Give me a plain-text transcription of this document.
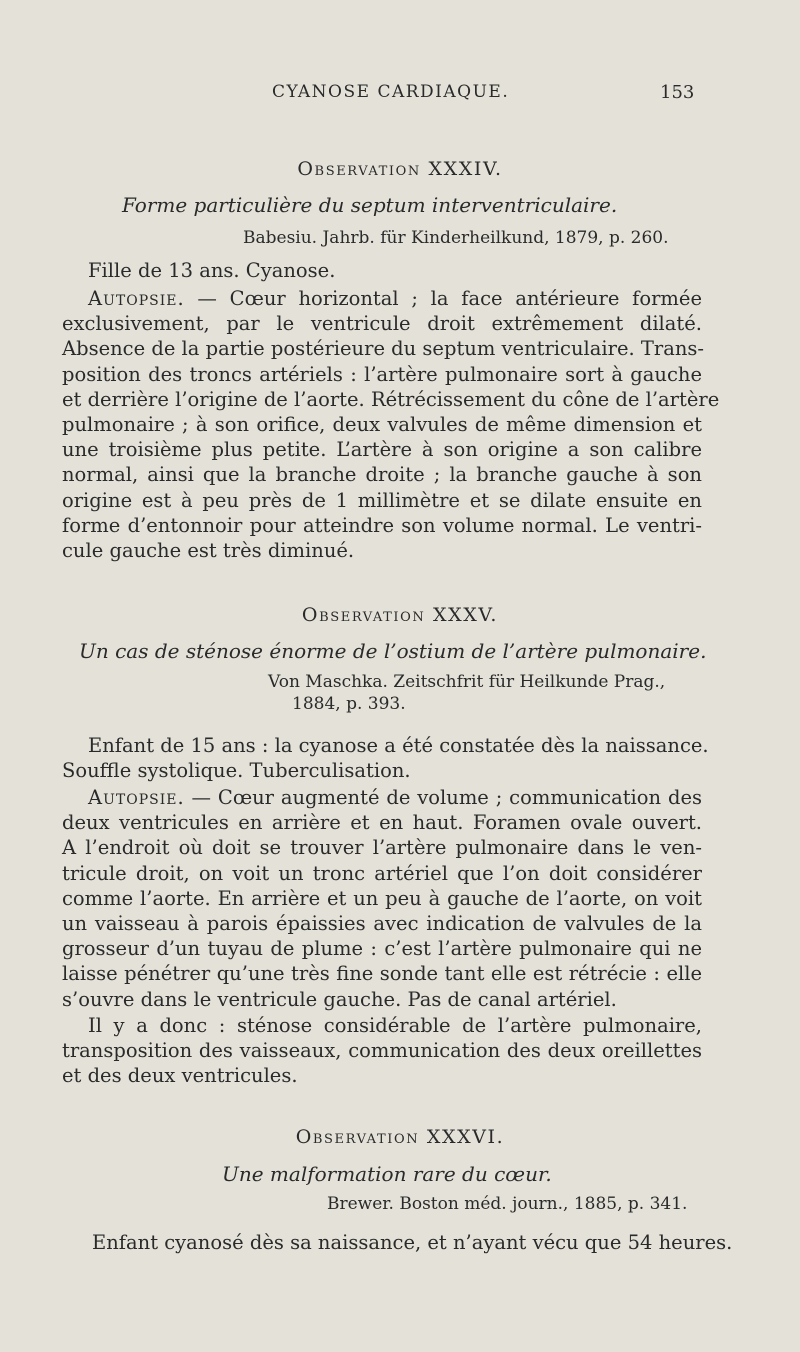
CYANOSE CARDIAQUE.	153
Observation XXXIV.
Forme particulière du septum interventriculaire.
Babesiu. Jahrb. für Kinderheilkund, 1879, p. 260.
Fille de 13 ans. Cyanose.
Autopsie. — Cœur horizontal ; la face antérieure formée
exclusivement, par le ventricule droit extrêmement dilaté.
Absence de la partie postérieure du septum ventriculaire. Trans-
position des troncs artériels : l’artère pulmonaire sort à gauche
et derrière l’origine de l’aorte. Rétrécissement du cône de l’artère
pulmonaire ; à son orifice, deux valvules de même dimension et
une troisième plus petite. L’artère à son origine a son calibre
normal, ainsi que la branche droite ; la branche gauche à son
origine est à peu près de 1 millimètre et se dilate ensuite en
forme d’entonnoir pour atteindre son volume normal. Le ventri-
cule gauche est très diminué.
Observation XXXV.
Un cas de sténose énorme de l’ostium de l’artère pulmonaire.
Von Maschka. Zeitschfrit für Heilkunde Prag.,
1884, p. 393.
Enfant de 15 ans : la cyanose a été constatée dès la naissance.
Souffle systolique. Tuberculisation.
Autopsie. — Cœur augmenté de volume ; communication des
deux ventricules en arrière et en haut. Foramen ovale ouvert.
A l’endroit où doit se trouver l’artère pulmonaire dans le ven-
tricule droit, on voit un tronc artériel que l’on doit considérer
comme l’aorte. En arrière et un peu à gauche de l’aorte, on voit
un vaisseau à parois épaissies avec indication de valvules de la
grosseur d’un tuyau de plume : c’est l’artère pulmonaire qui ne
laisse pénétrer qu’une très fine sonde tant elle est rétrécie : elle
s’ouvre dans le ventricule gauche. Pas de canal artériel.
Il y a donc : sténose considérable de l’artère pulmonaire,
transposition des vaisseaux, communication des deux oreillettes
et des deux ventricules.
Observation XXXVI.
Une malformation rare du cœur.
Brewer. Boston méd. journ., 1885, p. 341.
Enfant cyanosé dès sa naissance, et n’ayant vécu que 54 heures.
